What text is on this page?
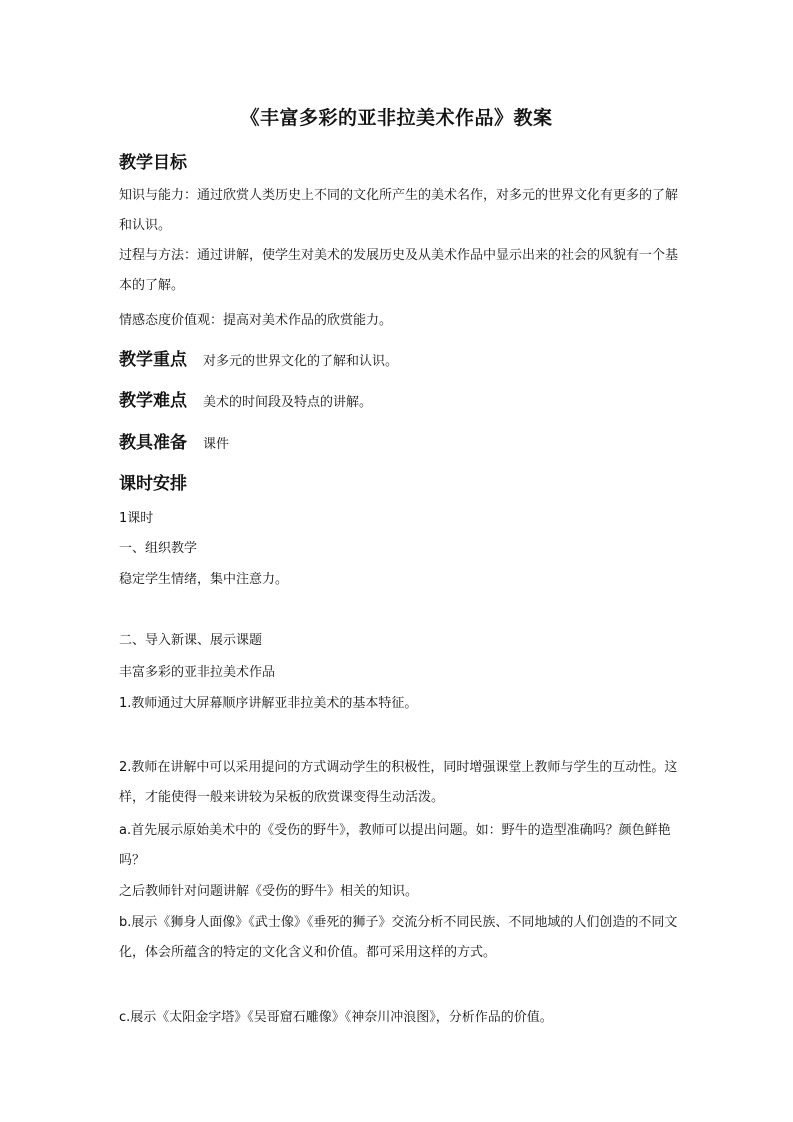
《丰富多彩的亚非拉美术作品》教案
教学目标
知识与能力：通过欣赏人类历史上不同的文化所产生的美术名作，对多元的世界文化有更多的了解和认识。
过程与方法：通过讲解，使学生对美术的发展历史及从美术作品中显示出来的社会的风貌有一个基本的了解。
情感态度价值观：提高对美术作品的欣赏能力。
教学重点 对多元的世界文化的了解和认识。
教学难点 美术的时间段及特点的讲解。
教具准备 课件
课时安排
1课时
一、组织教学
稳定学生情绪，集中注意力。
二、导入新课、展示课题
丰富多彩的亚非拉美术作品
1.教师通过大屏幕顺序讲解亚非拉美术的基本特征。
2.教师在讲解中可以采用提问的方式调动学生的积极性，同时增强课堂上教师与学生的互动性。这样，才能使得一般来讲较为呆板的欣赏课变得生动活泼。
a.首先展示原始美术中的《受伤的野牛》，教师可以提出问题。如：野牛的造型准确吗？颜色鲜艳吗？
之后教师针对问题讲解《受伤的野牛》相关的知识。
b.展示《狮身人面像》《武士像》《垂死的狮子》交流分析不同民族、不同地域的人们创造的不同文化，体会所蕴含的特定的文化含义和价值。都可采用这样的方式。
c.展示《太阳金字塔》《吴哥窟石雕像》《神奈川冲浪图》，分析作品的价值。
